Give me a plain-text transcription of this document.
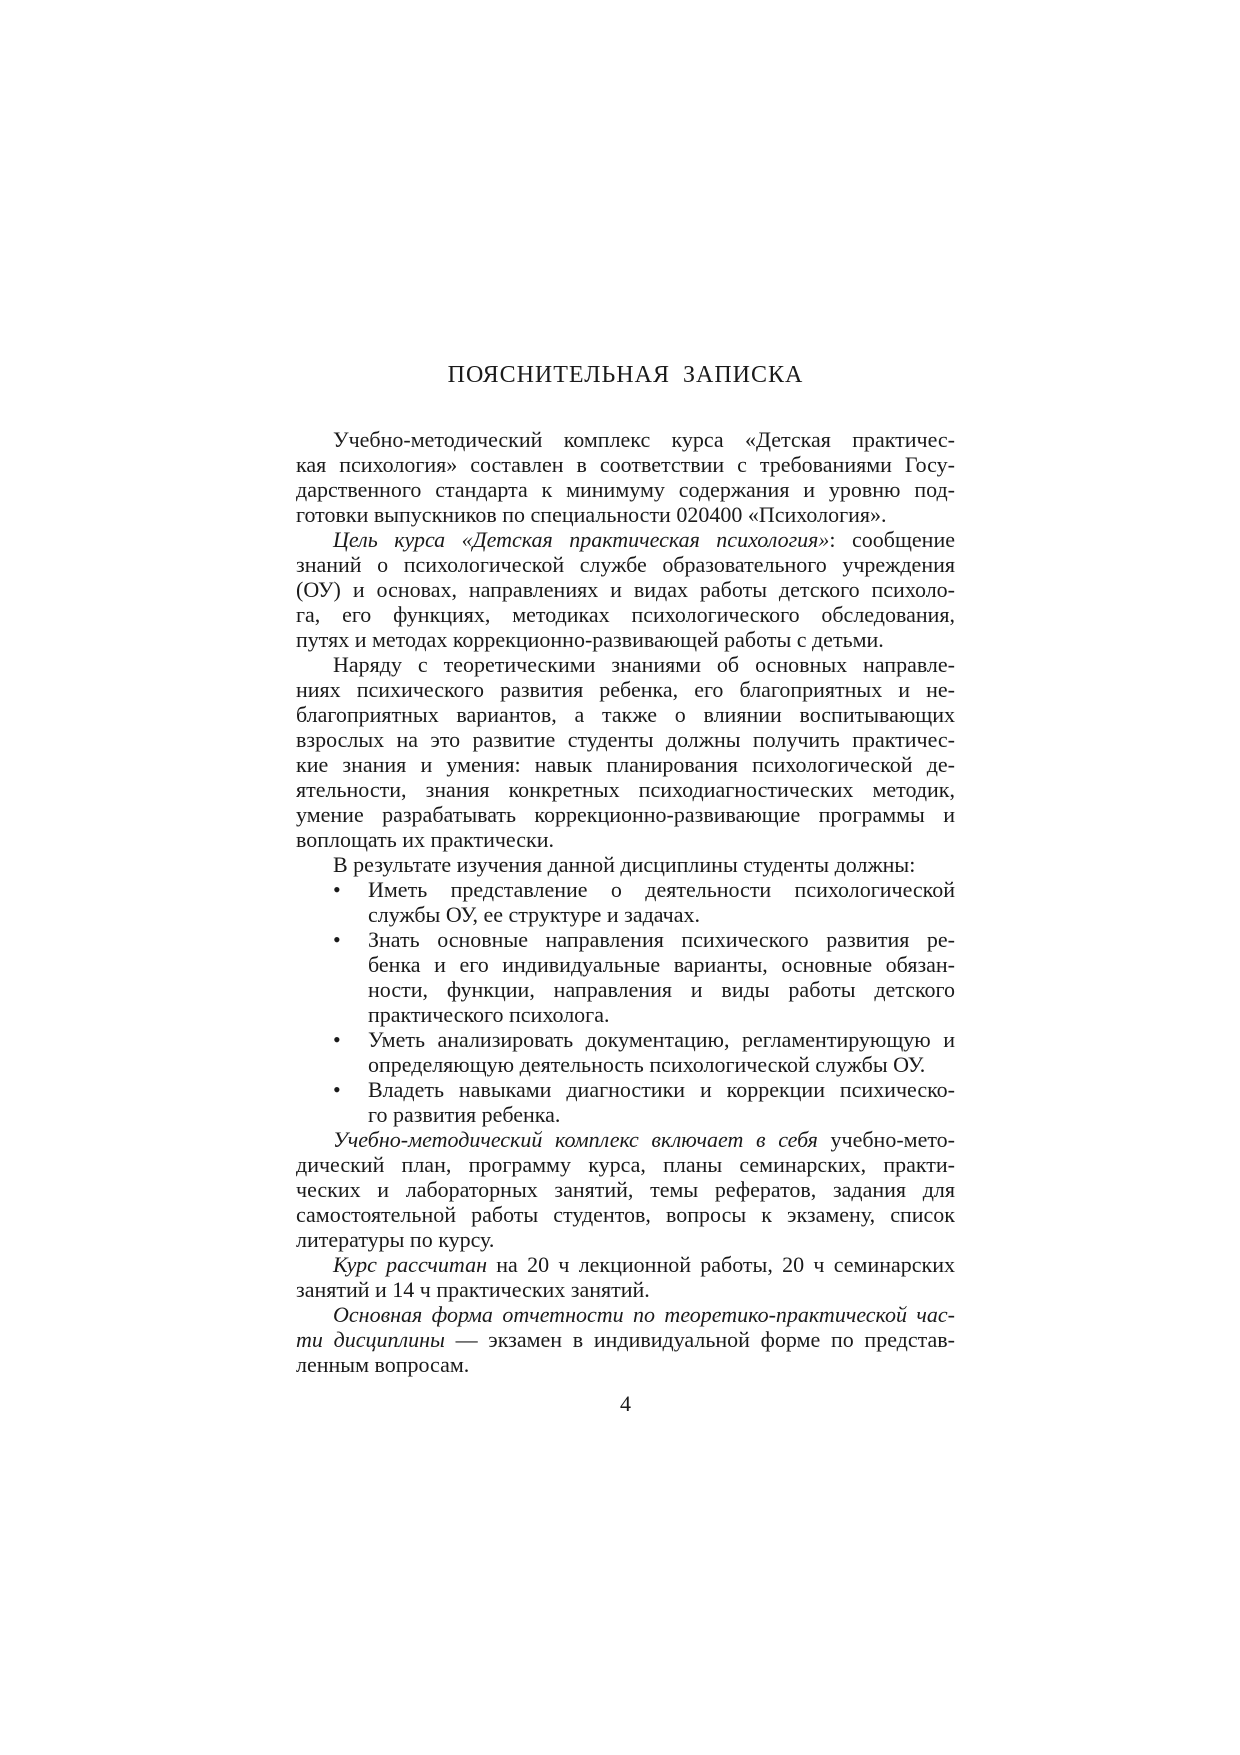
ПОЯСНИТЕЛЬНАЯ ЗАПИСКА
Учебно-методический комплекс курса «Детская практичес-
кая психология» составлен в соответствии с требованиями Госу-
дарственного стандарта к минимуму содержания и уровню под-
готовки выпускников по специальности 020400 «Психология».
Цель курса «Детская практическая психология»: сообщение
знаний о психологической службе образовательного учреждения
(ОУ) и основах, направлениях и видах работы детского психоло-
га, его функциях, методиках психологического обследования,
путях и методах коррекционно-развивающей работы с детьми.
Наряду с теоретическими знаниями об основных направле-
ниях психического развития ребенка, его благоприятных и не-
благоприятных вариантов, а также о влиянии воспитывающих
взрослых на это развитие студенты должны получить практичес-
кие знания и умения: навык планирования психологической де-
ятельности, знания конкретных психодиагностических методик,
умение разрабатывать коррекционно-развивающие программы и
воплощать их практически.
В результате изучения данной дисциплины студенты должны:
• Иметь представление о деятельности психологической
службы ОУ, ее структуре и задачах.
• Знать основные направления психического развития ре-
бенка и его индивидуальные варианты, основные обязан-
ности, функции, направления и виды работы детского
практического психолога.
• Уметь анализировать документацию, регламентирующую и
определяющую деятельность психологической службы ОУ.
• Владеть навыками диагностики и коррекции психическо-
го развития ребенка.
Учебно-методический комплекс включает в себя учебно-мето-
дический план, программу курса, планы семинарских, практи-
ческих и лабораторных занятий, темы рефератов, задания для
самостоятельной работы студентов, вопросы к экзамену, список
литературы по курсу.
Курс рассчитан на 20 ч лекционной работы, 20 ч семинарских
занятий и 14 ч практических занятий.
Основная форма отчетности по теоретико-практической час-
ти дисциплины — экзамен в индивидуальной форме по представ-
ленным вопросам.
4
